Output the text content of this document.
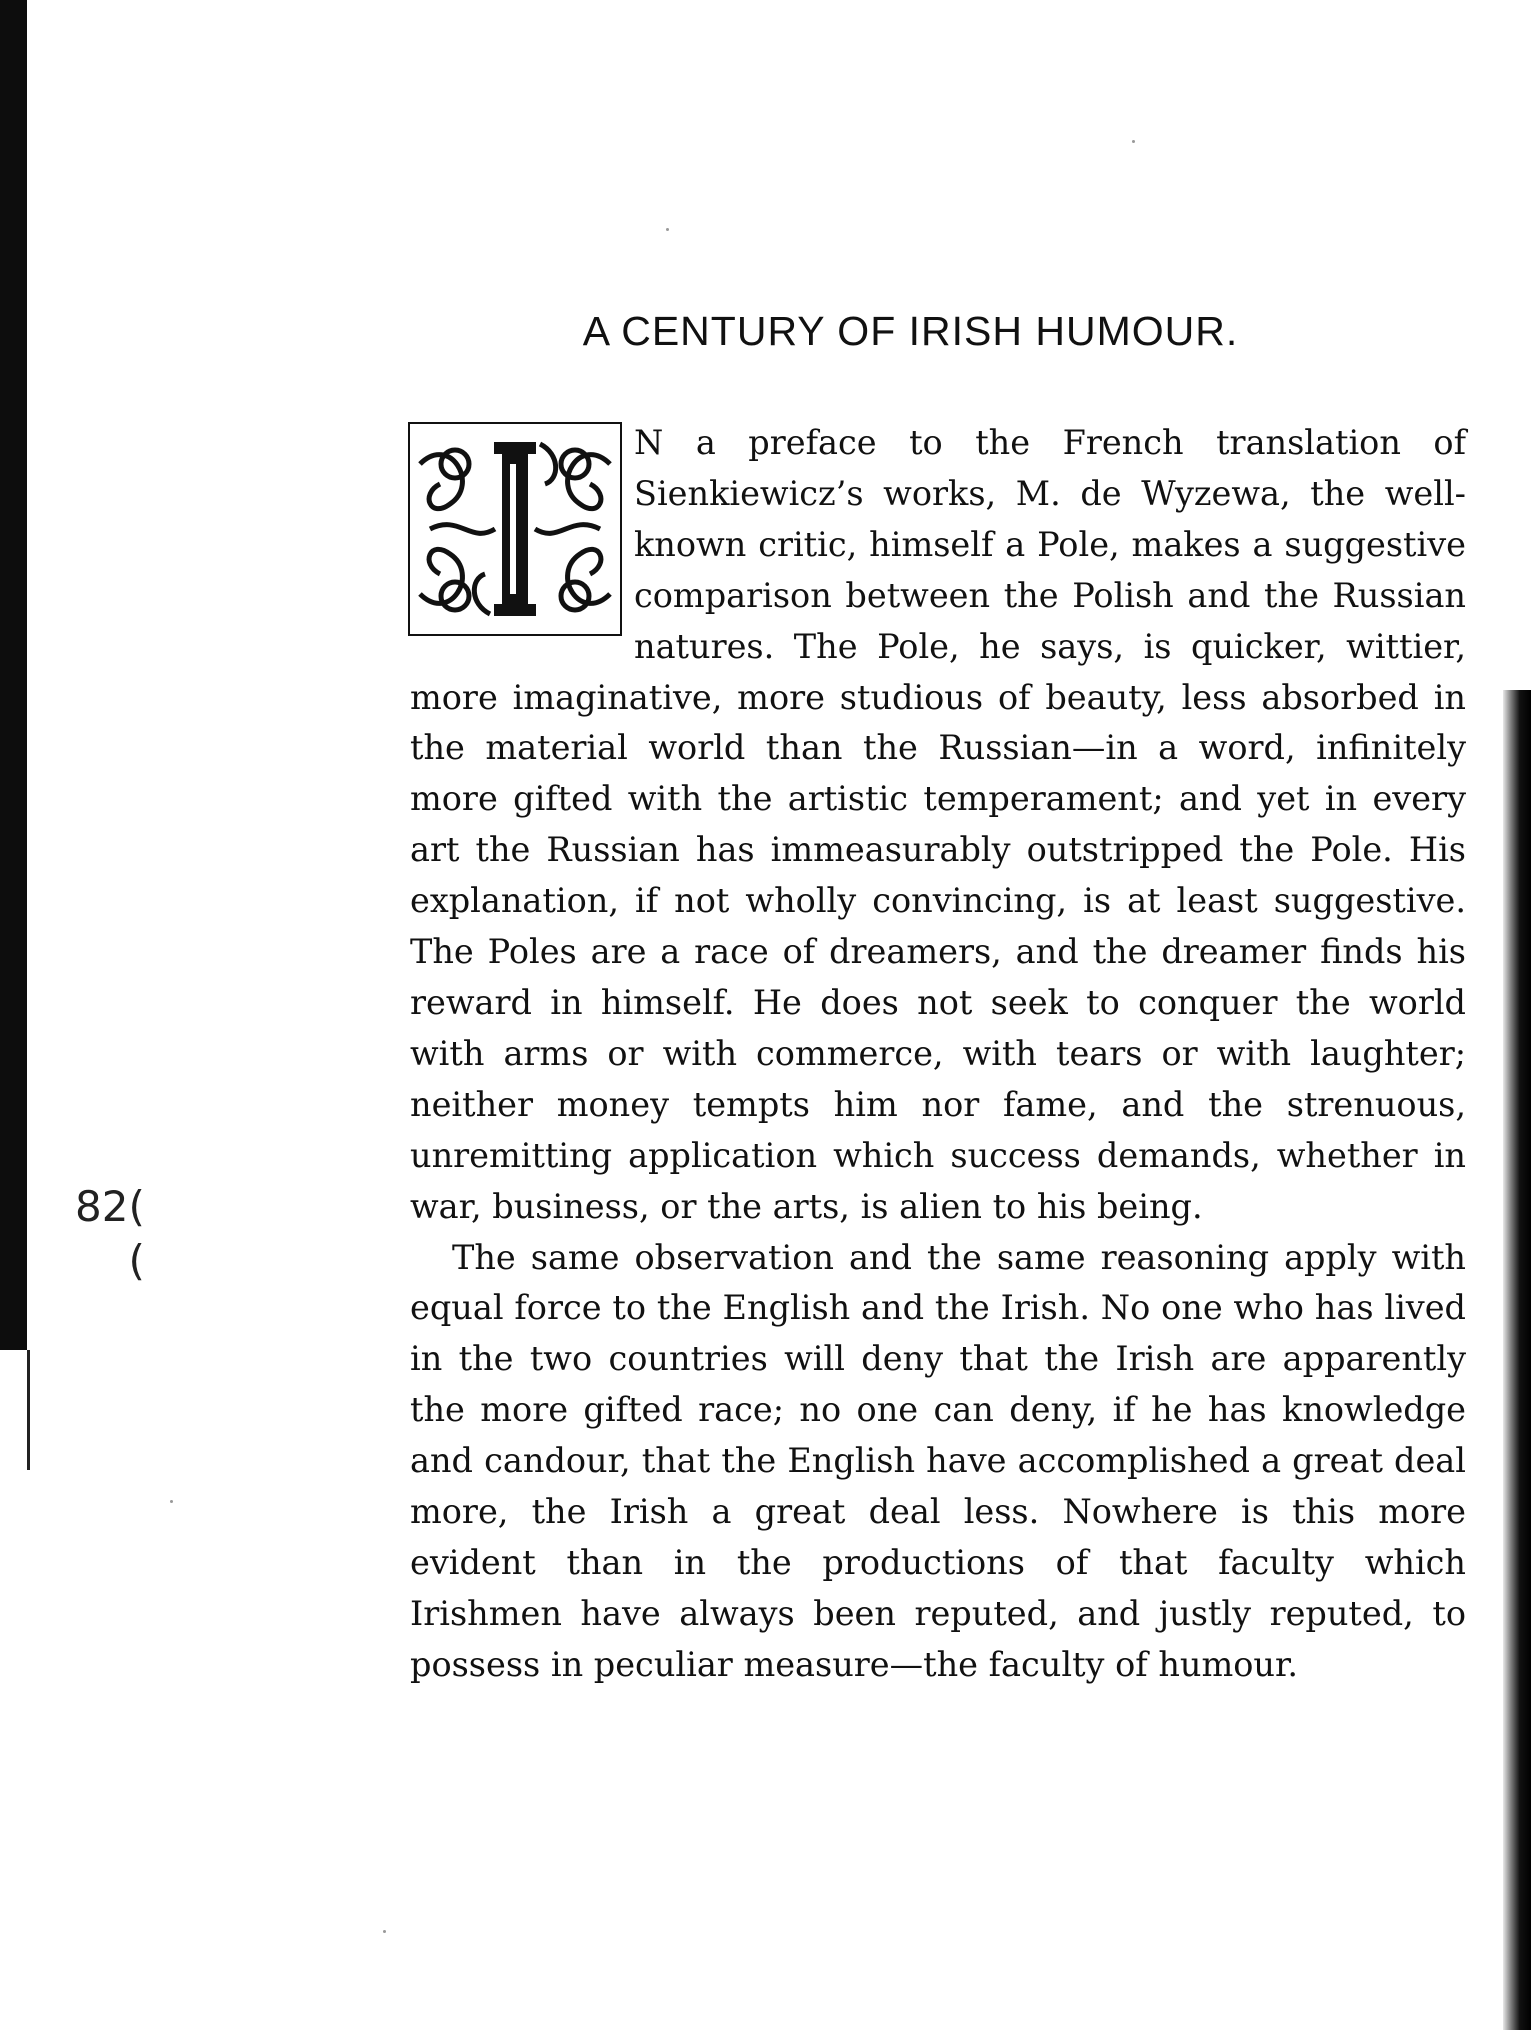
82(
(
A CENTURY OF IRISH HUMOUR.

N a preface to the French translation of Sienkiewicz’s works, M. de Wyzewa, the well-known critic, himself a Pole, makes a suggestive comparison between the Polish and the Russian natures. The Pole, he says, is quicker, wittier, more imaginative, more studious of beauty, less absorbed in the material world than the Russian—in a word, infinitely more gifted with the artistic temperament; and yet in every art the Russian has immeasurably outstripped the Pole. His explanation, if not wholly convincing, is at least suggestive. The Poles are a race of dreamers, and the dreamer finds his reward in himself. He does not seek to conquer the world with arms or with commerce, with tears or with laughter; neither money tempts him nor fame, and the strenuous, unremitting application which success demands, whether in war, business, or the arts, is alien to his being.

The same observation and the same reasoning apply with equal force to the English and the Irish. No one who has lived in the two countries will deny that the Irish are apparently the more gifted race; no one can deny, if he has knowledge and candour, that the English have accomplished a great deal more, the Irish a great deal less. Nowhere is this more evident than in the productions of that faculty which Irishmen have always been reputed, and justly reputed, to possess in peculiar measure—the faculty of humour.
